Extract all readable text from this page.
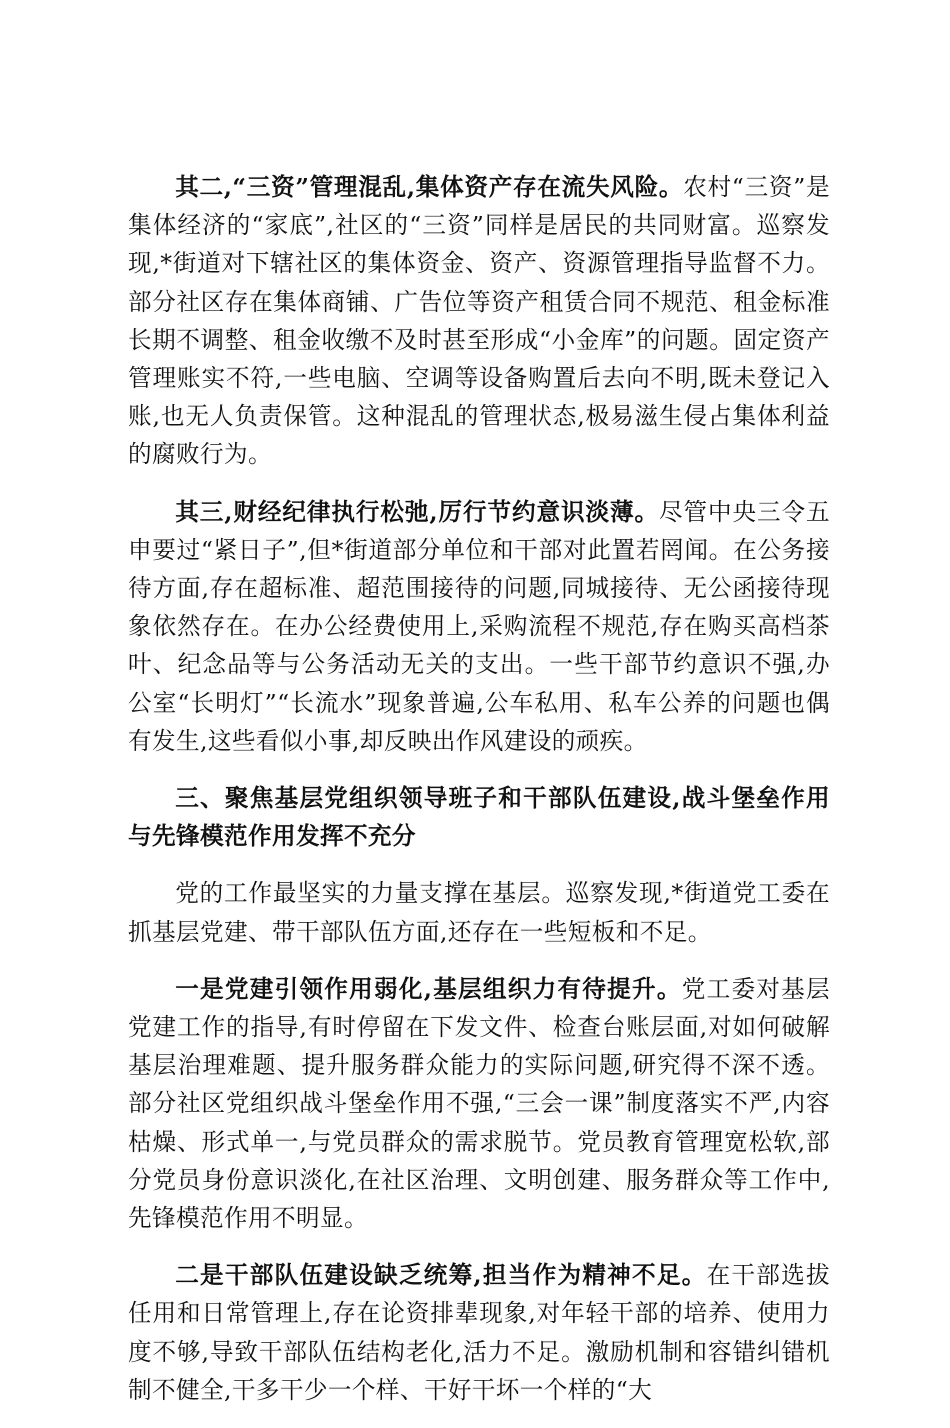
其二,“三资”管理混乱,集体资产存在流失风险。农村“三资”是集体经济的“家底”,社区的“三资”同样是居民的共同财富。巡察发现,*街道对下辖社区的集体资金、资产、资源管理指导监督不力。部分社区存在集体商铺、广告位等资产租赁合同不规范、租金标准长期不调整、租金收缴不及时甚至形成“小金库”的问题。固定资产管理账实不符,一些电脑、空调等设备购置后去向不明,既未登记入账,也无人负责保管。这种混乱的管理状态,极易滋生侵占集体利益的腐败行为。

其三,财经纪律执行松弛,厉行节约意识淡薄。尽管中央三令五申要过“紧日子”,但*街道部分单位和干部对此置若罔闻。在公务接待方面,存在超标准、超范围接待的问题,同城接待、无公函接待现象依然存在。在办公经费使用上,采购流程不规范,存在购买高档茶叶、纪念品等与公务活动无关的支出。一些干部节约意识不强,办公室“长明灯”“长流水”现象普遍,公车私用、私车公养的问题也偶有发生,这些看似小事,却反映出作风建设的顽疾。

三、聚焦基层党组织领导班子和干部队伍建设,战斗堡垒作用与先锋模范作用发挥不充分

党的工作最坚实的力量支撑在基层。巡察发现,*街道党工委在抓基层党建、带干部队伍方面,还存在一些短板和不足。

一是党建引领作用弱化,基层组织力有待提升。党工委对基层党建工作的指导,有时停留在下发文件、检查台账层面,对如何破解基层治理难题、提升服务群众能力的实际问题,研究得不深不透。部分社区党组织战斗堡垒作用不强,“三会一课”制度落实不严,内容枯燥、形式单一,与党员群众的需求脱节。党员教育管理宽松软,部分党员身份意识淡化,在社区治理、文明创建、服务群众等工作中,先锋模范作用不明显。

二是干部队伍建设缺乏统筹,担当作为精神不足。在干部选拔任用和日常管理上,存在论资排辈现象,对年轻干部的培养、使用力度不够,导致干部队伍结构老化,活力不足。激励机制和容错纠错机制不健全,干多干少一个样、干好干坏一个样的“大
